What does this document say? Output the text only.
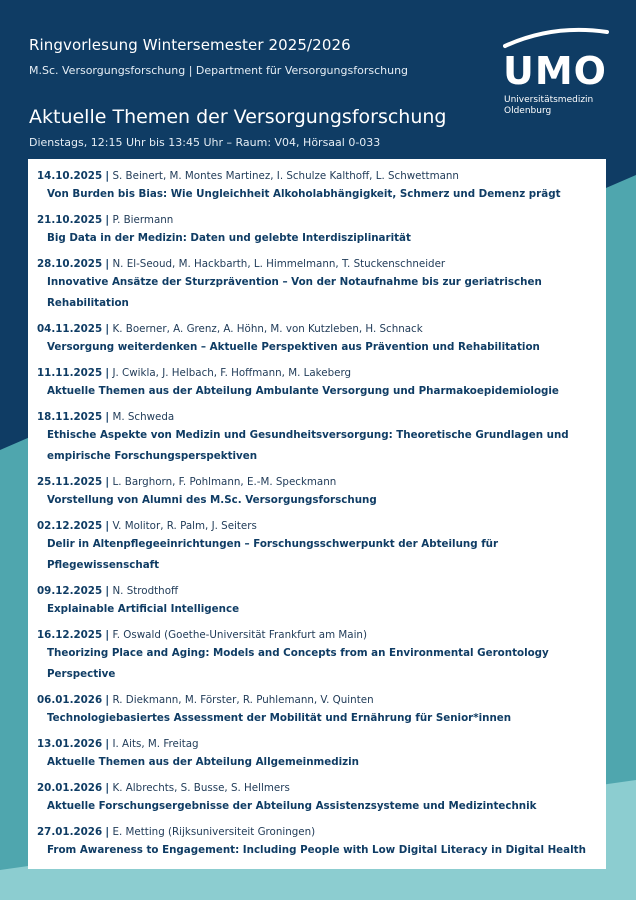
Ringvorlesung Wintersemester 2025/2026
M.Sc. Versorgungsforschung | Department für Versorgungsforschung
Aktuelle Themen der Versorgungsforschung
Dienstags, 12:15 Uhr bis 13:45 Uhr – Raum: V04, Hörsaal 0-033
UMO
Universitätsmedizin
Oldenburg
14.10.2025 | S. Beinert, M. Montes Martinez, I. Schulze Kalthoff, L. Schwettmann
Von Burden bis Bias: Wie Ungleichheit Alkoholabhängigkeit, Schmerz und Demenz prägt
21.10.2025 | P. Biermann
Big Data in der Medizin: Daten und gelebte Interdisziplinarität
28.10.2025 | N. El-Seoud, M. Hackbarth, L. Himmelmann, T. Stuckenschneider
Innovative Ansätze der Sturzprävention – Von der Notaufnahme bis zur geriatrischen Rehabilitation
04.11.2025 | K. Boerner, A. Grenz, A. Höhn, M. von Kutzleben, H. Schnack
Versorgung weiterdenken – Aktuelle Perspektiven aus Prävention und Rehabilitation
11.11.2025 | J. Cwikla, J. Helbach, F. Hoffmann, M. Lakeberg
Aktuelle Themen aus der Abteilung Ambulante Versorgung und Pharmakoepidemiologie
18.11.2025 | M. Schweda
Ethische Aspekte von Medizin und Gesundheitsversorgung: Theoretische Grundlagen und empirische Forschungsperspektiven
25.11.2025 | L. Barghorn, F. Pohlmann, E.-M. Speckmann
Vorstellung von Alumni des M.Sc. Versorgungsforschung
02.12.2025 | V. Molitor, R. Palm, J. Seiters
Delir in Altenpflegeeinrichtungen – Forschungsschwerpunkt der Abteilung für Pflegewissenschaft
09.12.2025 | N. Strodthoff
Explainable Artificial Intelligence
16.12.2025 | F. Oswald (Goethe-Universität Frankfurt am Main)
Theorizing Place and Aging: Models and Concepts from an Environmental Gerontology Perspective
06.01.2026 | R. Diekmann, M. Förster, R. Puhlemann, V. Quinten
Technologiebasiertes Assessment der Mobilität und Ernährung für Senior*innen
13.01.2026 | I. Aits, M. Freitag
Aktuelle Themen aus der Abteilung Allgemeinmedizin
20.01.2026 | K. Albrechts, S. Busse, S. Hellmers
Aktuelle Forschungsergebnisse der Abteilung Assistenzsysteme und Medizintechnik
27.01.2026 | E. Metting (Rijksuniversiteit Groningen)
From Awareness to Engagement: Including People with Low Digital Literacy in Digital Health
